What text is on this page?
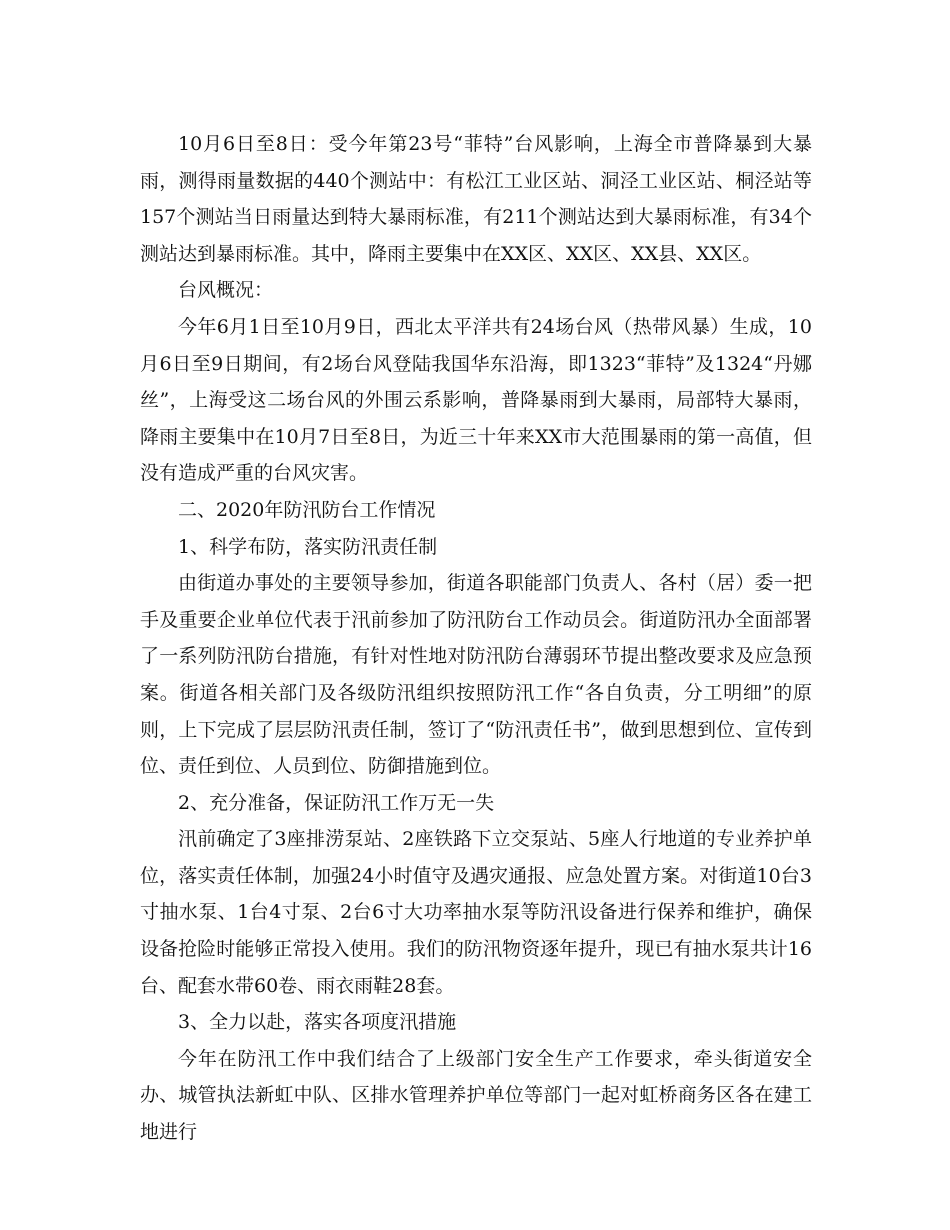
10月6日至8日：受今年第23号“菲特”台风影响，上海全市普降暴到大暴雨，测得雨量数据的440个测站中：有松江工业区站、洞泾工业区站、桐泾站等157个测站当日雨量达到特大暴雨标准，有211个测站达到大暴雨标准，有34个测站达到暴雨标准。其中，降雨主要集中在XX区、XX区、XX县、XX区。

台风概况：

今年6月1日至10月9日，西北太平洋共有24场台风（热带风暴）生成，10月6日至9日期间，有2场台风登陆我国华东沿海，即1323“菲特”及1324“丹娜丝”，上海受这二场台风的外围云系影响，普降暴雨到大暴雨，局部特大暴雨，降雨主要集中在10月7日至8日，为近三十年来XX市大范围暴雨的第一高值，但没有造成严重的台风灾害。

二、2020年防汛防台工作情况

1、科学布防，落实防汛责任制

由街道办事处的主要领导参加，街道各职能部门负责人、各村（居）委一把手及重要企业单位代表于汛前参加了防汛防台工作动员会。街道防汛办全面部署了一系列防汛防台措施，有针对性地对防汛防台薄弱环节提出整改要求及应急预案。街道各相关部门及各级防汛组织按照防汛工作“各自负责，分工明细”的原则，上下完成了层层防汛责任制，签订了“防汛责任书”，做到思想到位、宣传到位、责任到位、人员到位、防御措施到位。

2、充分准备，保证防汛工作万无一失

汛前确定了3座排涝泵站、2座铁路下立交泵站、5座人行地道的专业养护单位，落实责任体制，加强24小时值守及遇灾通报、应急处置方案。对街道10台3寸抽水泵、1台4寸泵、2台6寸大功率抽水泵等防汛设备进行保养和维护，确保设备抢险时能够正常投入使用。我们的防汛物资逐年提升，现已有抽水泵共计16台、配套水带60卷、雨衣雨鞋28套。

3、全力以赴，落实各项度汛措施

今年在防汛工作中我们结合了上级部门安全生产工作要求，牵头街道安全办、城管执法新虹中队、区排水管理养护单位等部门一起对虹桥商务区各在建工地进行
